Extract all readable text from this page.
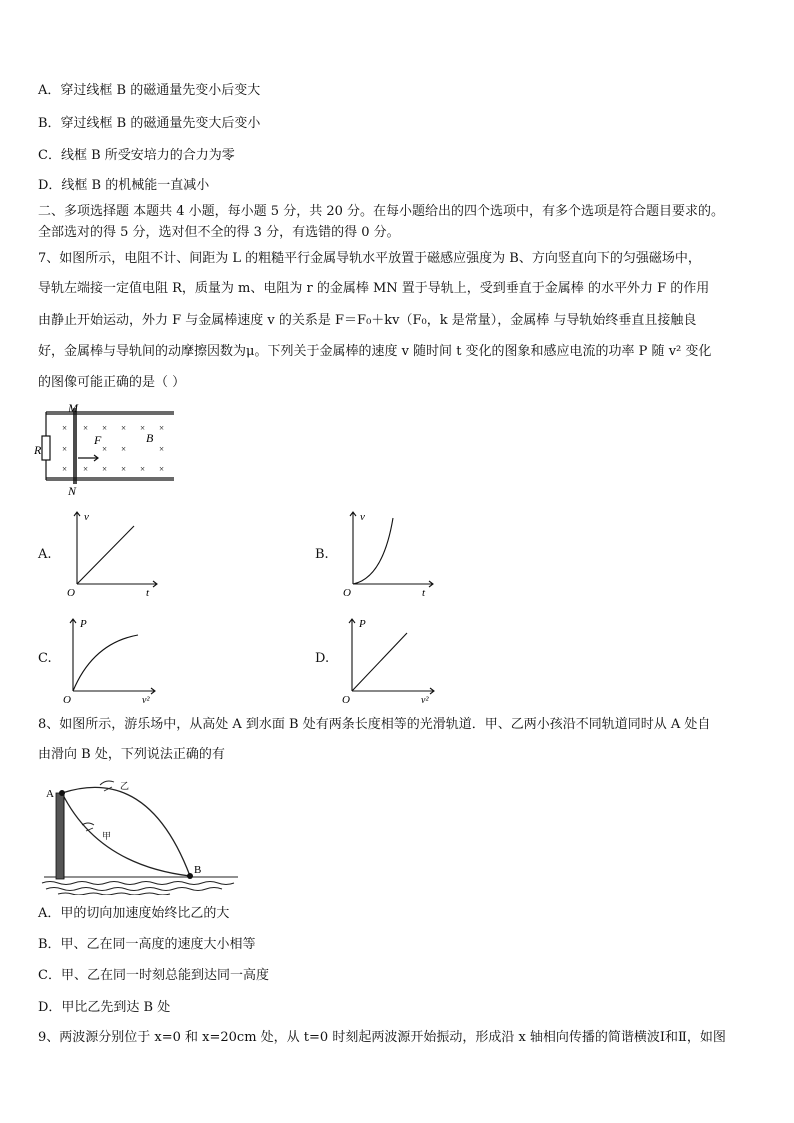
A．穿过线框 B 的磁通量先变小后变大
B．穿过线框 B 的磁通量先变大后变小
C．线框 B 所受安培力的合力为零
D．线框 B 的机械能一直减小
二、多项选择题 本题共 4 小题，每小题 5 分，共 20 分。在每小题给出的四个选项中，有多个选项是符合题目要求的。
全部选对的得 5 分，选对但不全的得 3 分，有选错的得 0 分。
7、如图所示，电阻不计、间距为 L 的粗糙平行金属导轨水平放置于磁感应强度为 B、方向竖直向下的匀强磁场中，
导轨左端接一定值电阻 R，质量为 m、电阻为 r 的金属棒 MN 置于导轨上，受到垂直于金属棒 的水平外力 F 的作用
由静止开始运动，外力 F 与金属棒速度 v 的关系是 F＝F₀＋kv（F₀，k 是常量），金属棒 与导轨始终垂直且接触良
好，金属棒与导轨间的动摩擦因数为μ。下列关于金属棒的速度 v 随时间 t 变化的图象和感应电流的功率 P 随 v² 变化
的图像可能正确的是（ ）
M
N
R
F	B
×
×
×
×
×
×
×
×
×
×
×
×
×
× ×	×
A.
v
t
O
B.
v
t
O
C.
P
v²
O
D.
P
v²
O
8、如图所示，游乐场中，从高处 A 到水面 B 处有两条长度相等的光滑轨道．甲、乙两小孩沿不同轨道同时从 A 处自
由滑向 B 处，下列说法正确的有
A
B
甲
乙
A．甲的切向加速度始终比乙的大
B．甲、乙在同一高度的速度大小相等
C．甲、乙在同一时刻总能到达同一高度
D．甲比乙先到达 B 处
9、两波源分别位于 x=0 和 x=20cm 处，从 t=0 时刻起两波源开始振动，形成沿 x 轴相向传播的简谐横波Ⅰ和Ⅱ，如图
